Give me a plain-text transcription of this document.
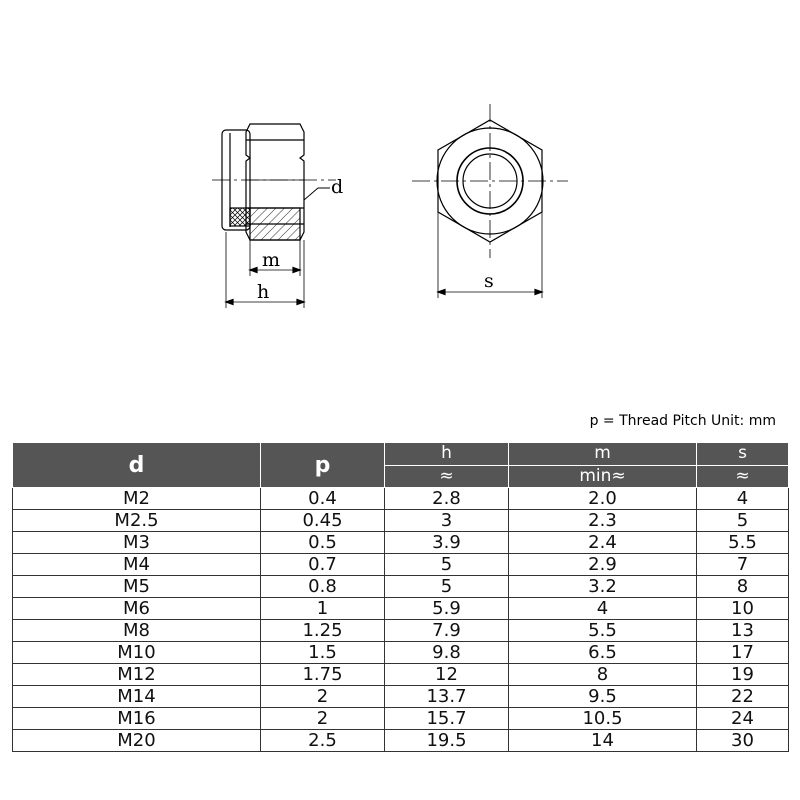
d
m
h	s
p = Thread Pitch Unit: mm
d	p	h	m	s
		≈	min≈	≈
M2	0.4	2.8	2.0	4
M2.5	0.45	3	2.3	5
M3	0.5	3.9	2.4	5.5
M4	0.7	5	2.9	7
M5	0.8	5	3.2	8
M6	1	5.9	4	10
M8	1.25	7.9	5.5	13
M10	1.5	9.8	6.5	17
M12	1.75	12	8	19
M14	2	13.7	9.5	22
M16	2	15.7	10.5	24
M20	2.5	19.5	14	30
